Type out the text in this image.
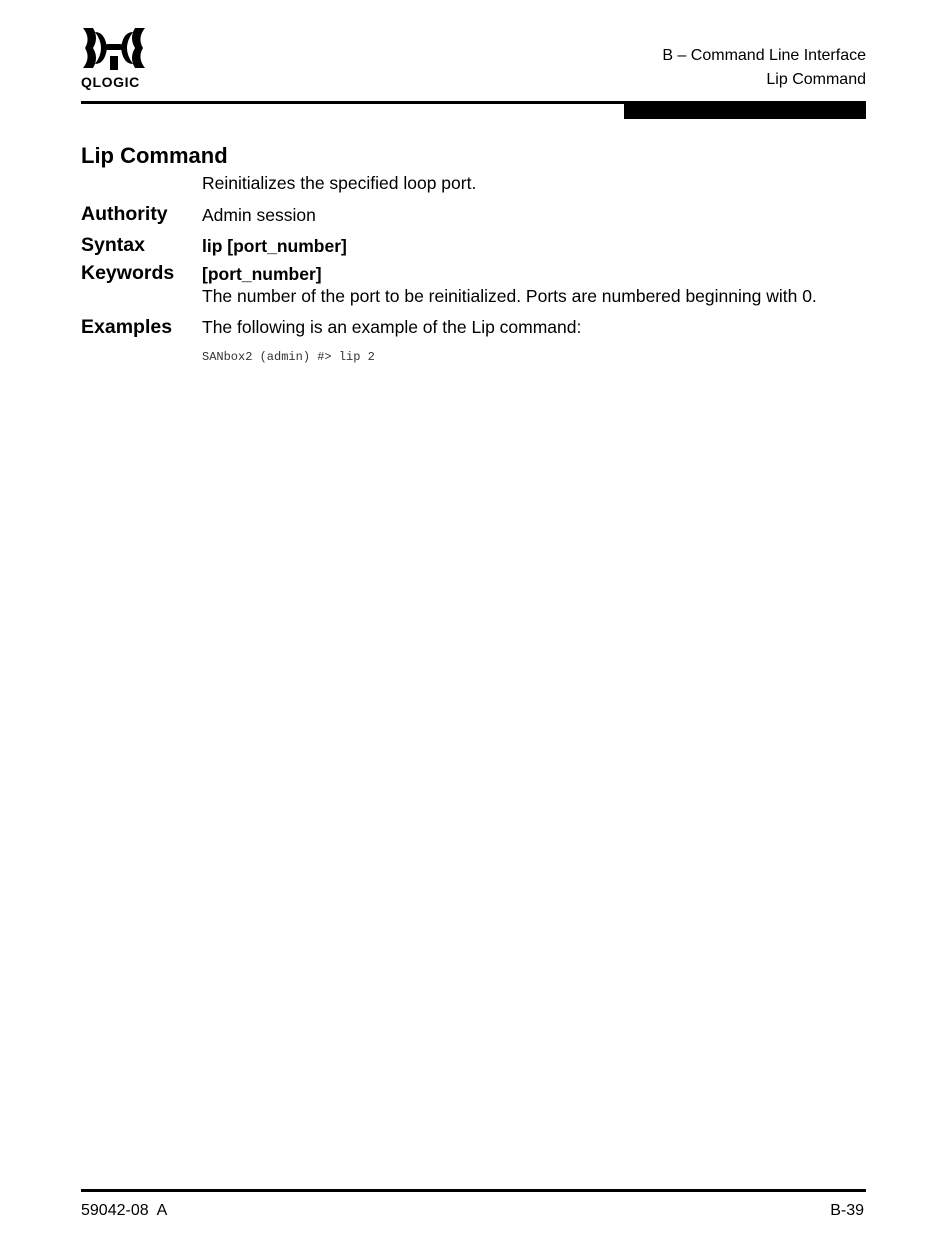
QLOGIC
B – Command Line Interface
Lip Command
Lip Command
Reinitializes the specified loop port.
Authority Admin session
Syntax	lip [port_number]
Keywords [port_number]
The number of the port to be reinitialized. Ports are numbered beginning with 0.
Examples The following is an example of the Lip command:
SANbox2 (admin) #> lip 2
59042-08  A	B-39
